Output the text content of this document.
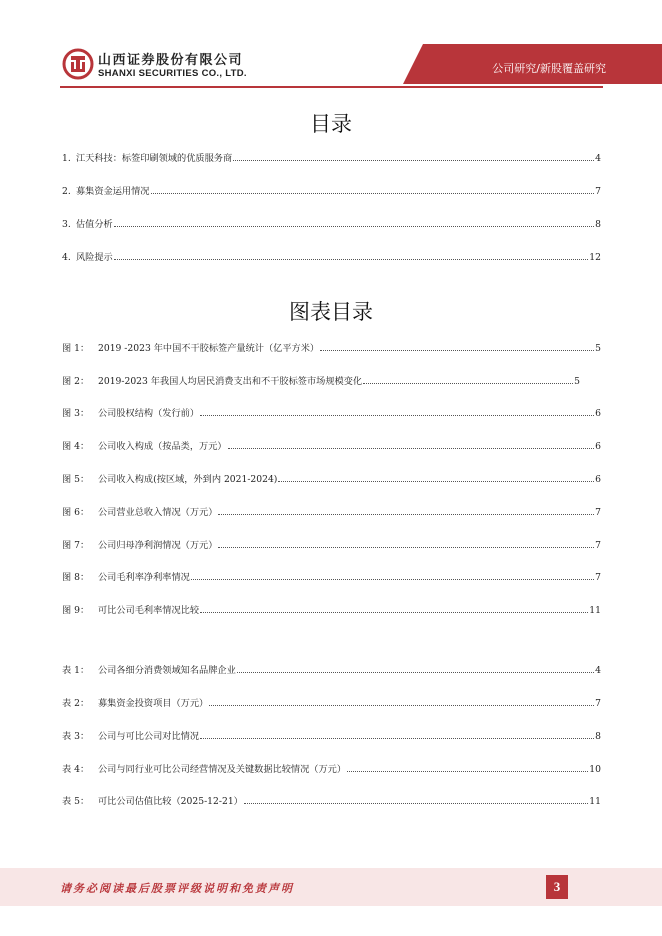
山西证券股份有限公司
SHANXI SECURITIES CO., LTD.	公司研究/新股覆盖研究
目录
1. 江天科技：标签印刷领域的优质服务商	4
2. 募集资金运用情况	7
3. 估值分析	8
4. 风险提示	12
图表目录
图 1： 2019 -2023 年中国不干胶标签产量统计（亿平方米）	5
图 2： 2019-2023 年我国人均居民消费支出和不干胶标签市场规模变化	5
图 3： 公司股权结构（发行前）	6
图 4： 公司收入构成（按品类，万元）	6
图 5： 公司收入构成(按区域，外到内 2021-2024)	6
图 6： 公司营业总收入情况（万元）	7
图 7： 公司归母净利润情况（万元）	7
图 8： 公司毛利率净利率情况	7
图 9： 可比公司毛利率情况比较	11
表 1： 公司各细分消费领域知名品牌企业	4
表 2： 募集资金投资项目（万元）	7
表 3： 公司与可比公司对比情况	8
表 4： 公司与同行业可比公司经营情况及关键数据比较情况（万元）	10
表 5： 可比公司估值比较（2025-12-21）	11
请务必阅读最后股票评级说明和免责声明	3
